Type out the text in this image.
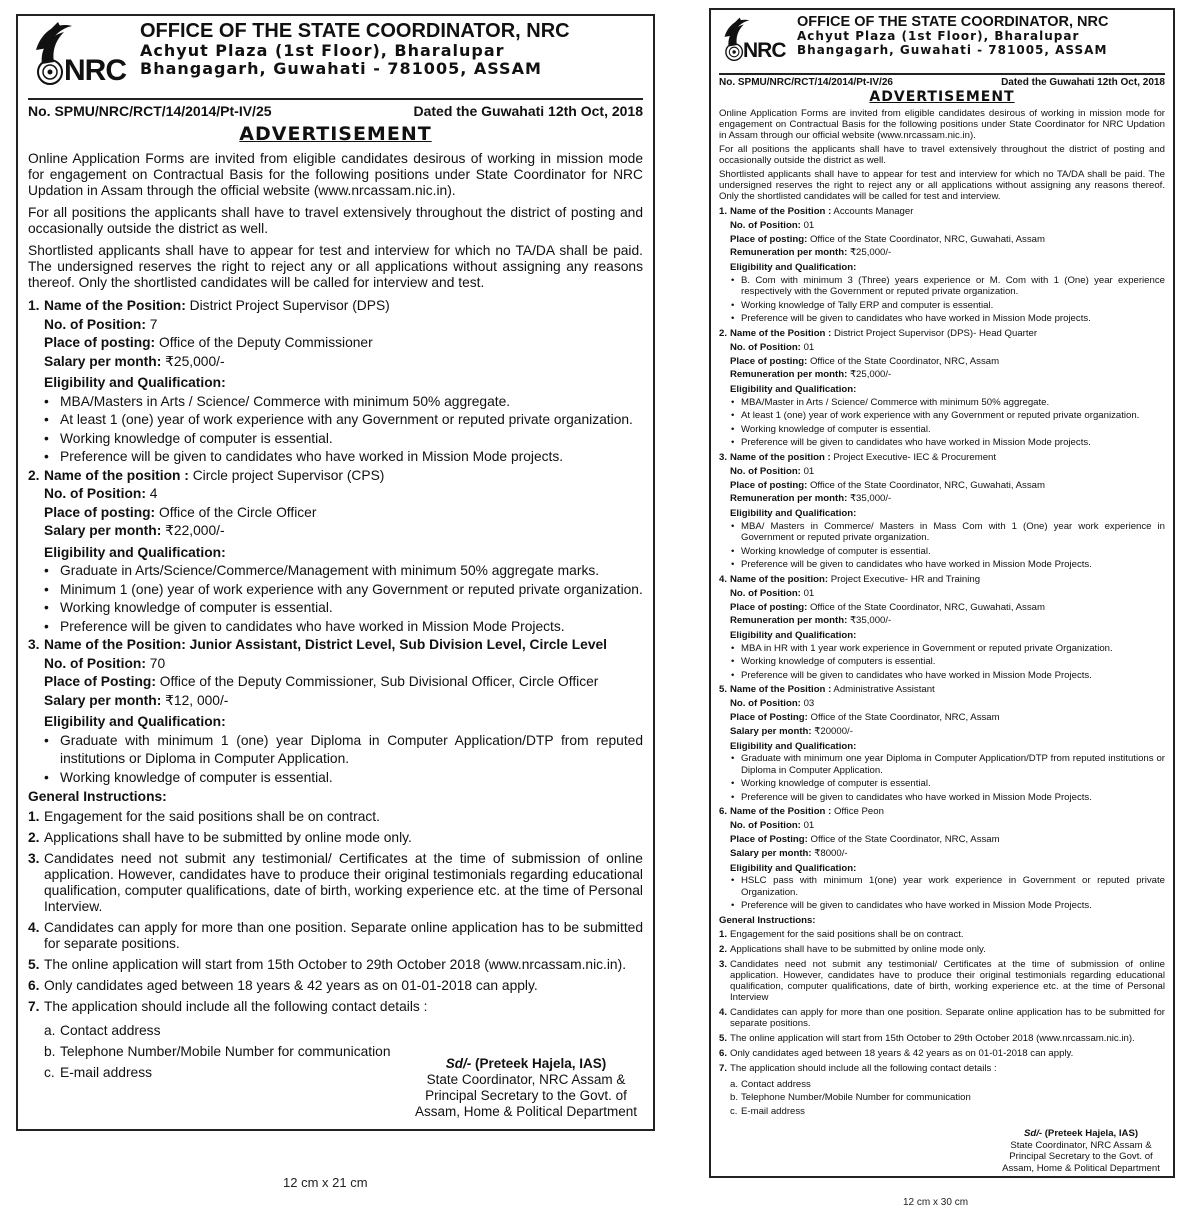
NRC
OFFICE OF THE STATE COORDINATOR, NRC
Achyut Plaza (1st Floor), Bharalupar
Bhangagarh, Guwahati - 781005, ASSAM
No. SPMU/NRC/RCT/14/2014/Pt-IV/25	Dated the Guwahati 12th Oct, 2018
ADVERTISEMENT

Online Application Forms are invited from eligible candidates desirous of working in mission mode for engagement on Contractual Basis for the following positions under State Coordinator for NRC Updation in Assam through the official website (www.nrcassam.nic.in).

For all positions the applicants shall have to travel extensively throughout the district of posting and occasionally outside the district as well.

Shortlisted applicants shall have to appear for test and interview for which no TA/DA shall be paid. The undersigned reserves the right to reject any or all applications without assigning any reasons thereof. Only the shortlisted candidates will be called for interview and test.

1. Name of the Position: District Project Supervisor (DPS)
No. of Position: 7
Place of posting: Office of the Deputy Commissioner
Salary per month: ₹25,000/-
Eligibility and Qualification:
• MBA/Masters in Arts / Science/ Commerce with minimum 50% aggregate.
• At least 1 (one) year of work experience with any Government or reputed private organization.
• Working knowledge of computer is essential.
• Preference will be given to candidates who have worked in Mission Mode projects.
2. Name of the position : Circle project Supervisor (CPS)
No. of Position: 4
Place of posting: Office of the Circle Officer
Salary per month: ₹22,000/-
Eligibility and Qualification:
• Graduate in Arts/Science/Commerce/Management with minimum 50% aggregate marks.
• Minimum 1 (one) year of work experience with any Government or reputed private organization.
• Working knowledge of computer is essential.
• Preference will be given to candidates who have worked in Mission Mode Projects.
3. Name of the Position: Junior Assistant, District Level, Sub Division Level, Circle Level
No. of Position: 70
Place of Posting: Office of the Deputy Commissioner, Sub Divisional Officer, Circle Officer
Salary per month: ₹12, 000/-
Eligibility and Qualification:
• Graduate with minimum 1 (one) year Diploma in Computer Application/DTP from reputed institutions or Diploma in Computer Application.
• Working knowledge of computer is essential.
General Instructions:
1. Engagement for the said positions shall be on contract.
2. Applications shall have to be submitted by online mode only.
3. Candidates need not submit any testimonial/ Certificates at the time of submission of online application. However, candidates have to produce their original testimonials regarding educational qualification, computer qualifications, date of birth, working experience etc. at the time of Personal Interview.
4. Candidates can apply for more than one position. Separate online application has to be submitted for separate positions.
5. The online application will start from 15th October to 29th October 2018 (www.nrcassam.nic.in).
6. Only candidates aged between 18 years & 42 years as on 01-01-2018 can apply.
7. The application should include all the following contact details :
a. Contact address
b. Telephone Number/Mobile Number for communication
c. E-mail address
Sd/- (Preteek Hajela, IAS)
State Coordinator, NRC Assam &
Principal Secretary to the Govt. of
Assam, Home & Political Department
12 cm x 21 cm
NRC
OFFICE OF THE STATE COORDINATOR, NRC
Achyut Plaza (1st Floor), Bharalupar
Bhangagarh, Guwahati - 781005, ASSAM
No. SPMU/NRC/RCT/14/2014/Pt-IV/26	Dated the Guwahati 12th Oct, 2018
ADVERTISEMENT

Online Application Forms are invited from eligible candidates desirous of working in mission mode for engagement on Contractual Basis for the following positions under State Coordinator for NRC Updation in Assam through our official website (www.nrcassam.nic.in).

For all positions the applicants shall have to travel extensively throughout the district of posting and occasionally outside the district as well.

Shortlisted applicants shall have to appear for test and interview for which no TA/DA shall be paid. The undersigned reserves the right to reject any or all applications without assigning any reasons thereof. Only the shortlisted candidates will be called for test and interview.

1. Name of the Position : Accounts Manager
No. of Position: 01
Place of posting: Office of the State Coordinator, NRC, Guwahati, Assam
Remuneration per month: ₹25,000/-
Eligibility and Qualification:
• B. Com with minimum 3 (Three) years experience or M. Com with 1 (One) year experience respectively with the Government or reputed private organization.
• Working knowledge of Tally ERP and computer is essential.
• Preference will be given to candidates who have worked in Mission Mode projects.
2. Name of the Position : District Project Supervisor (DPS)- Head Quarter
No. of Position: 01
Place of posting: Office of the State Coordinator, NRC, Assam
Remuneration per month: ₹25,000/-
Eligibility and Qualification:
• MBA/Master in Arts / Science/ Commerce with minimum 50% aggregate.
• At least 1 (one) year of work experience with any Government or reputed private organization.
• Working knowledge of computer is essential.
• Preference will be given to candidates who have worked in Mission Mode projects.
3. Name of the position : Project Executive- IEC & Procurement
No. of Position: 01
Place of posting: Office of the State Coordinator, NRC, Guwahati, Assam
Remuneration per month: ₹35,000/-
Eligibility and Qualification:
• MBA/ Masters in Commerce/ Masters in Mass Com with 1 (One) year work experience in Government or reputed private organization.
• Working knowledge of computer is essential.
• Preference will be given to candidates who have worked in Mission Mode Projects.
4. Name of the position: Project Executive- HR and Training
No. of Position: 01
Place of posting: Office of the State Coordinator, NRC, Guwahati, Assam
Remuneration per month: ₹35,000/-
Eligibility and Qualification:
• MBA in HR with 1 year work experience in Government or reputed private Organization.
• Working knowledge of computers is essential.
• Preference will be given to candidates who have worked in Mission Mode Projects.
5. Name of the Position : Administrative Assistant
No. of Position: 03
Place of Posting: Office of the State Coordinator, NRC, Assam
Salary per month: ₹20000/-
Eligibility and Qualification:
• Graduate with minimum one year Diploma in Computer Application/DTP from reputed institutions or Diploma in Computer Application.
• Working knowledge of computer is essential.
• Preference will be given to candidates who have worked in Mission Mode Projects.
6. Name of the Position : Office Peon
No. of Position: 01
Place of Posting: Office of the State Coordinator, NRC, Assam
Salary per month: ₹8000/-
Eligibility and Qualification:
• HSLC pass with minimum 1(one) year work experience in Government or reputed private Organization.
• Preference will be given to candidates who have worked in Mission Mode Projects.
General Instructions:
1. Engagement for the said positions shall be on contract.
2. Applications shall have to be submitted by online mode only.
3. Candidates need not submit any testimonial/ Certificates at the time of submission of online application. However, candidates have to produce their original testimonials regarding educational qualification, computer qualifications, date of birth, working experience etc. at the time of Personal Interview
4. Candidates can apply for more than one position. Separate online application has to be submitted for separate positions.
5. The online application will start from 15th October to 29th October 2018 (www.nrcassam.nic.in).
6. Only candidates aged between 18 years & 42 years as on 01-01-2018 can apply.
7. The application should include all the following contact details :
a. Contact address
b. Telephone Number/Mobile Number for communication
c. E-mail address
Sd/- (Preteek Hajela, IAS)
State Coordinator, NRC Assam &
Principal Secretary to the Govt. of
Assam, Home & Political Department
12 cm x 30 cm
